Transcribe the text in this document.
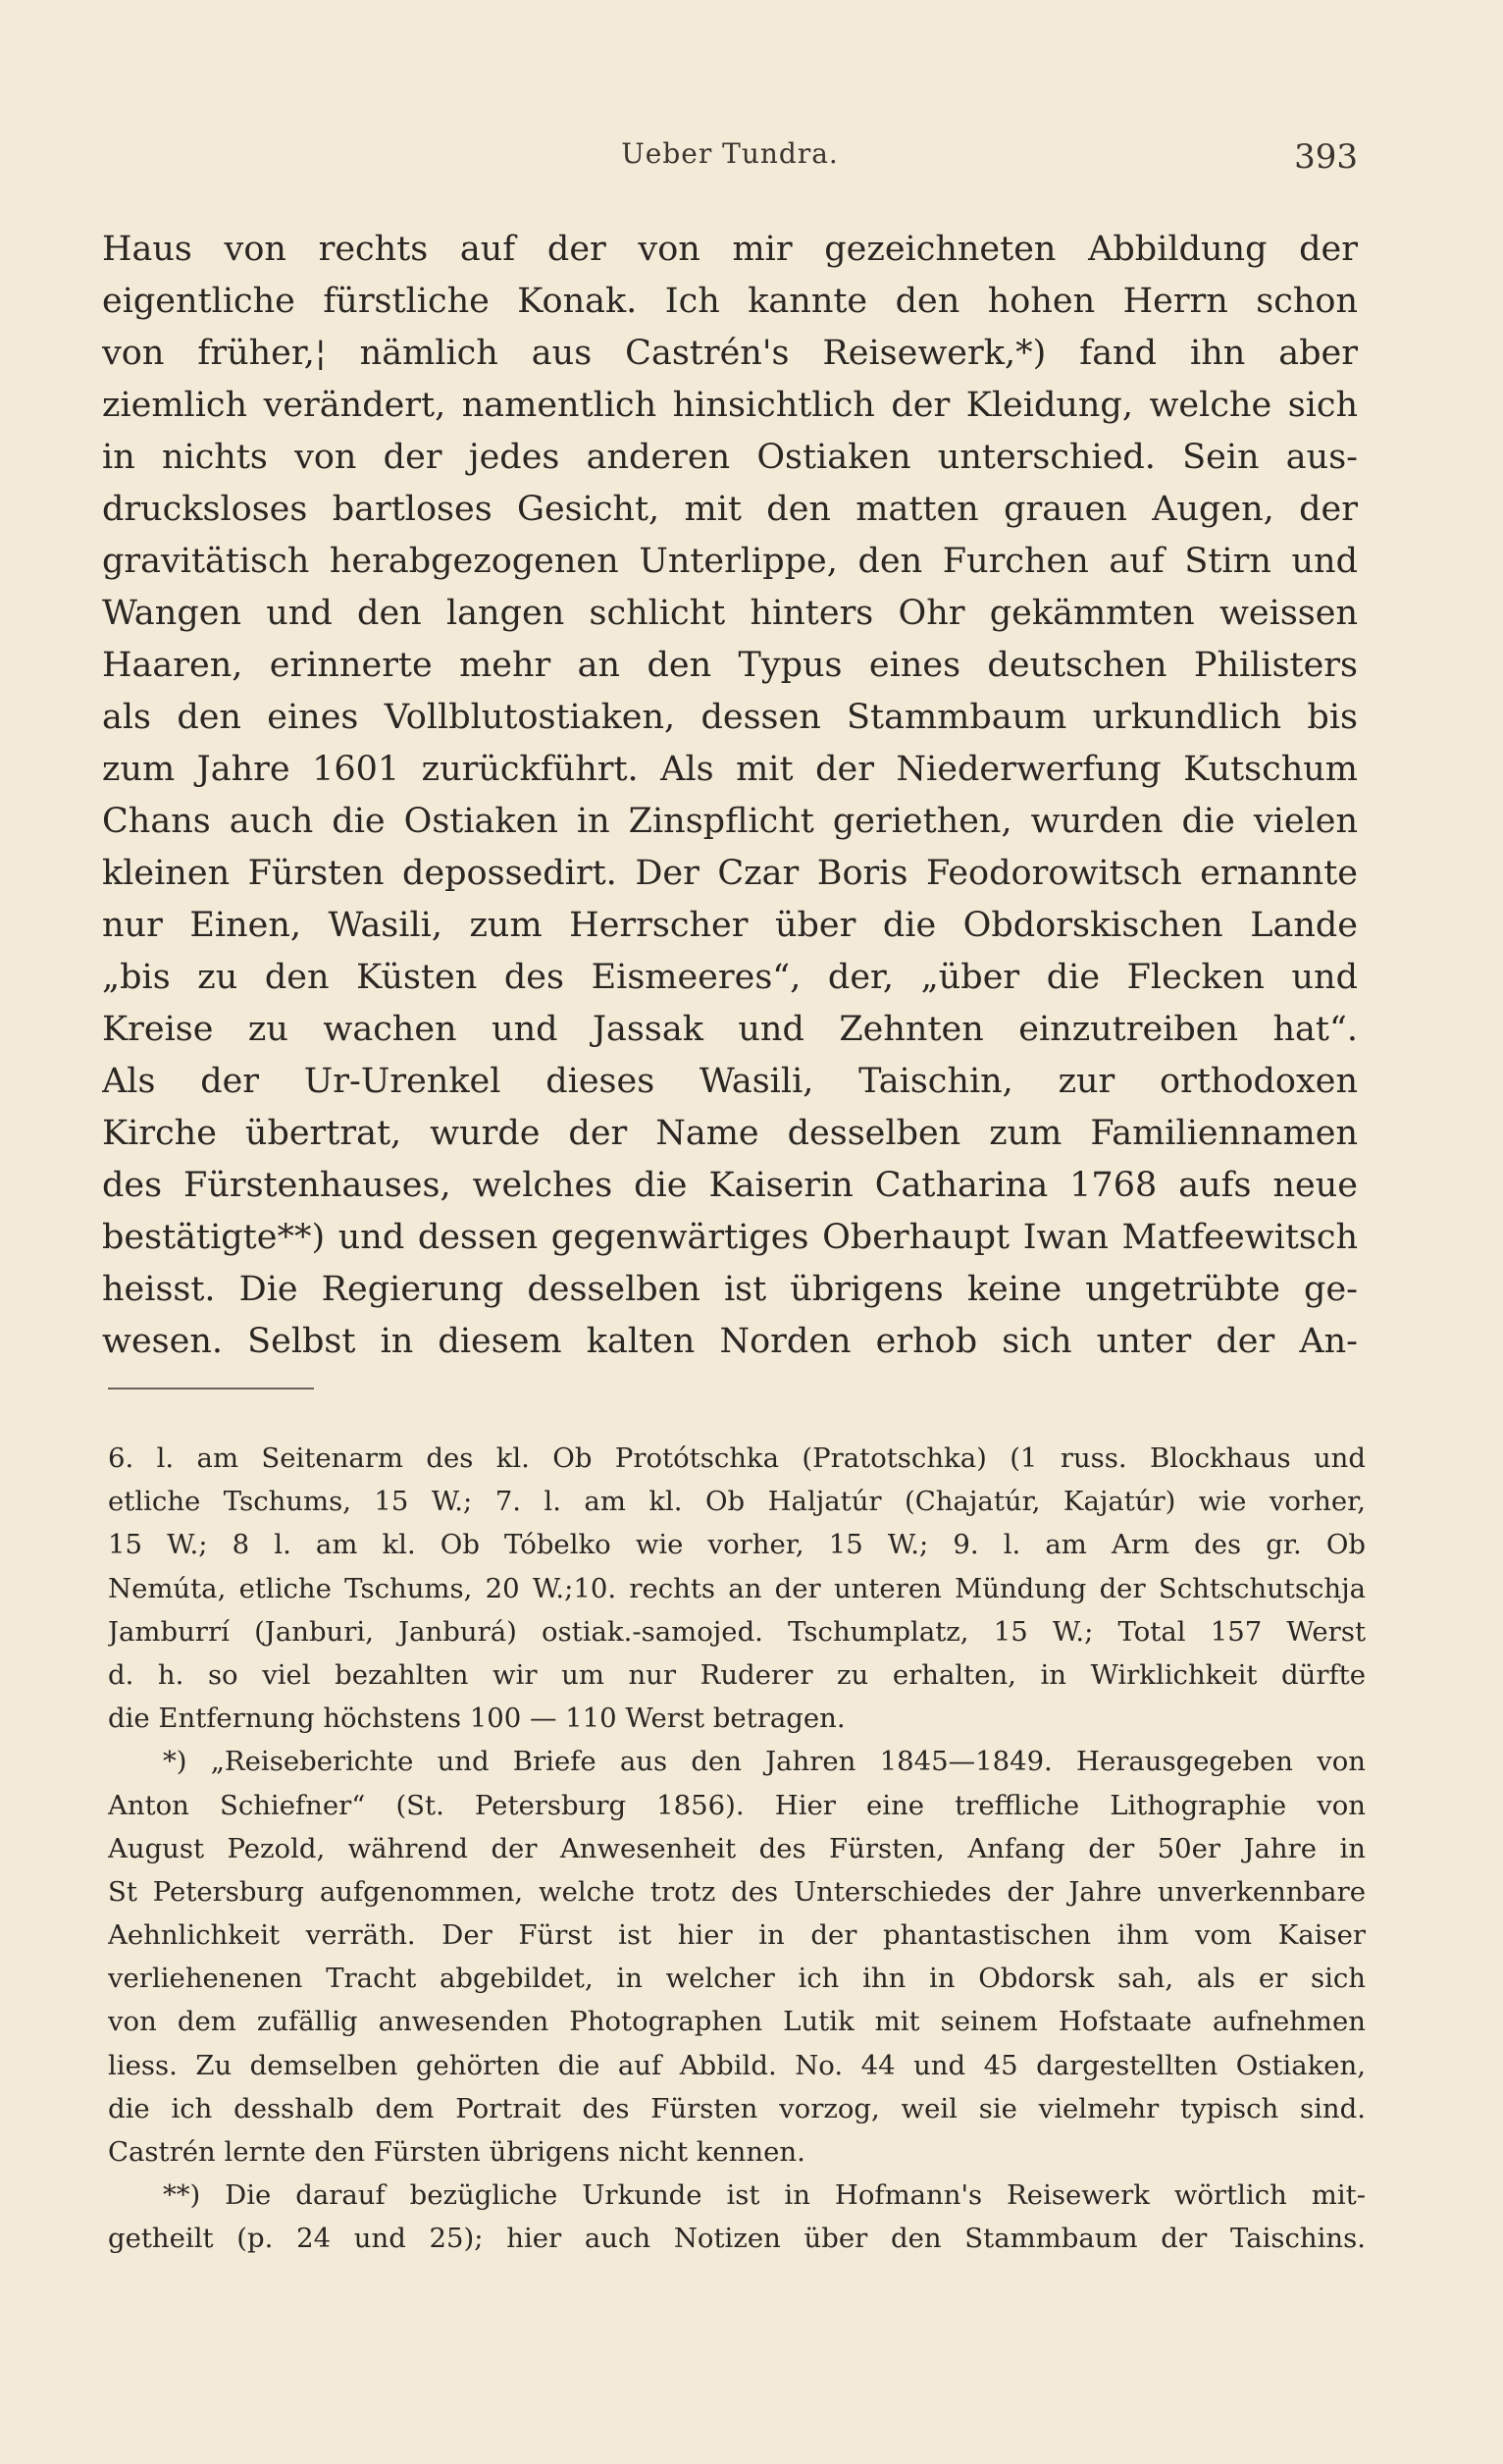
Ueber Tundra.	393
Haus von rechts auf der von mir gezeichneten Abbildung der
eigentliche fürstliche Konak. Ich kannte den hohen Herrn schon
von früher,¦ nämlich aus Castrén's Reisewerk,*) fand ihn aber
ziemlich verändert, namentlich hinsichtlich der Kleidung, welche sich
in nichts von der jedes anderen Ostiaken unterschied. Sein aus-
drucksloses bartloses Gesicht, mit den matten grauen Augen, der
gravitätisch herabgezogenen Unterlippe, den Furchen auf Stirn und
Wangen und den langen schlicht hinters Ohr gekämmten weissen
Haaren, erinnerte mehr an den Typus eines deutschen Philisters
als den eines Vollblutostiaken, dessen Stammbaum urkundlich bis
zum Jahre 1601 zurückführt. Als mit der Niederwerfung Kutschum
Chans auch die Ostiaken in Zinspflicht geriethen, wurden die vielen
kleinen Fürsten depossedirt. Der Czar Boris Feodorowitsch ernannte
nur Einen, Wasili, zum Herrscher über die Obdorskischen Lande
„bis zu den Küsten des Eismeeres“, der, „über die Flecken und
Kreise zu wachen und Jassak und Zehnten einzutreiben hat“.
Als der Ur-Urenkel dieses Wasili, Taischin, zur orthodoxen
Kirche übertrat, wurde der Name desselben zum Familiennamen
des Fürstenhauses, welches die Kaiserin Catharina 1768 aufs neue
bestätigte**) und dessen gegenwärtiges Oberhaupt Iwan Matfeewitsch
heisst. Die Regierung desselben ist übrigens keine ungetrübte ge-
wesen. Selbst in diesem kalten Norden erhob sich unter der An-
6. l. am Seitenarm des kl. Ob Protótschka (Pratotschka) (1 russ. Blockhaus und
etliche Tschums, 15 W.; 7. l. am kl. Ob Haljatúr (Chajatúr, Kajatúr) wie vorher,
15 W.; 8 l. am kl. Ob Tóbelko wie vorher, 15 W.; 9. l. am Arm des gr. Ob
Nemúta, etliche Tschums, 20 W.;10. rechts an der unteren Mündung der Schtschutschja
Jamburrí (Janburi, Janburá) ostiak.-samojed. Tschumplatz, 15 W.; Total 157 Werst
d. h. so viel bezahlten wir um nur Ruderer zu erhalten, in Wirklichkeit dürfte
die Entfernung höchstens 100 — 110 Werst betragen.
*) „Reiseberichte und Briefe aus den Jahren 1845—1849. Herausgegeben von
Anton Schiefner“ (St. Petersburg 1856). Hier eine treffliche Lithographie von
August Pezold, während der Anwesenheit des Fürsten, Anfang der 50er Jahre in
St Petersburg aufgenommen, welche trotz des Unterschiedes der Jahre unverkennbare
Aehnlichkeit verräth. Der Fürst ist hier in der phantastischen ihm vom Kaiser
verliehenenen Tracht abgebildet, in welcher ich ihn in Obdorsk sah, als er sich
von dem zufällig anwesenden Photographen Lutik mit seinem Hofstaate aufnehmen
liess. Zu demselben gehörten die auf Abbild. No. 44 und 45 dargestellten Ostiaken,
die ich desshalb dem Portrait des Fürsten vorzog, weil sie vielmehr typisch sind.
Castrén lernte den Fürsten übrigens nicht kennen.
**) Die darauf bezügliche Urkunde ist in Hofmann's Reisewerk wörtlich mit-
getheilt (p. 24 und 25); hier auch Notizen über den Stammbaum der Taischins.
